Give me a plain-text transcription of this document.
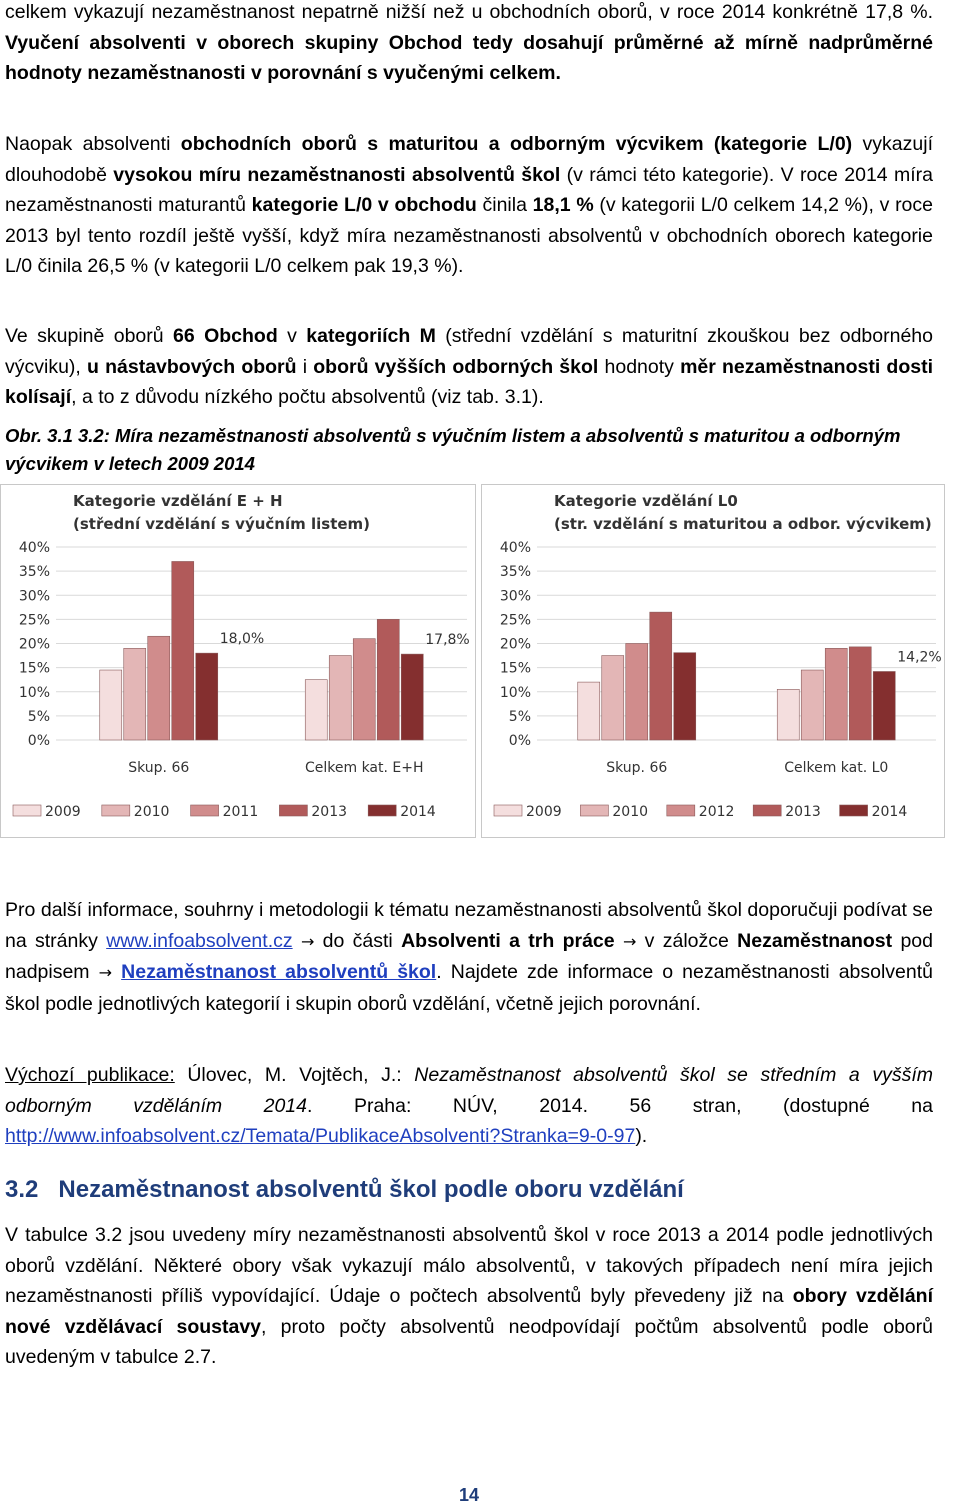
celkem vykazují nezaměstnanost nepatrně nižší než u obchodních oborů, v roce 2014 konkrétně 17,8 %. Vyučení absolventi v oborech skupiny Obchod tedy dosahují průměrné až mírně nadprůměrné hodnoty nezaměstnanosti v porovnání s vyučenými celkem.

Naopak absolventi obchodních oborů s maturitou a odborným výcvikem (kategorie L/0) vykazují dlouhodobě vysokou míru nezaměstnanosti absolventů škol (v rámci této kategorie). V roce 2014 míra nezaměstnanosti maturantů kategorie L/0 v obchodu činila 18,1 % (v kategorii L/0 celkem 14,2 %), v roce 2013 byl tento rozdíl ještě vyšší, když míra nezaměstnanosti absolventů v obchodních oborech kategorie L/0 činila 26,5 % (v kategorii L/0 celkem pak 19,3 %).

Ve skupině oborů 66 Obchod v kategoriích M (střední vzdělání s maturitní zkouškou bez odborného výcviku), u nástavbových oborů i oborů vyšších odborných škol hodnoty měr nezaměstnanosti dosti kolísají, a to z důvodu nízkého počtu absolventů (viz tab. 3.1).

Obr. 3.1 3.2: Míra nezaměstnanosti absolventů s výučním listem a absolventů s maturitou a odborným výcvikem v letech 2009 2014

Kategorie vzdělání E + H
(střední vzdělání s výučním listem)
40%
35%
30%
25%
20%
15%
10%
5%
0%
Skup. 66	Celkem kat. E+H
18,0%	17,8%
2009	2010	2011	2013	2014
Kategorie vzdělání L0
(str. vzdělání s maturitou a odbor. výcvikem)
40%
35%
30%
25%
20%
15%
10%
5%
0%
Skup. 66	Celkem kat. L0
14,2%
2009	2010	2012	2013	2014

Pro další informace, souhrny i metodologii k tématu nezaměstnanosti absolventů škol doporučuji podívat se na stránky www.infoabsolvent.cz → do části Absolventi a trh práce → v záložce Nezaměstnanost pod nadpisem → Nezaměstnanost absolventů škol. Najdete zde informace o nezaměstnanosti absolventů škol podle jednotlivých kategorií i skupin oborů vzdělání, včetně jejich porovnání.

Výchozí publikace: Úlovec, M. Vojtěch, J.: Nezaměstnanost absolventů škol se středním a vyšším odborným vzděláním 2014. Praha: NÚV, 2014. 56 stran, (dostupné na http://www.infoabsolvent.cz/Temata/PublikaceAbsolventi?Stranka=9-0-97).

3.2 Nezaměstnanost absolventů škol podle oboru vzdělání

V tabulce 3.2 jsou uvedeny míry nezaměstnanosti absolventů škol v roce 2013 a 2014 podle jednotlivých oborů vzdělání. Některé obory však vykazují málo absolventů, v takových případech není míra jejich nezaměstnanosti příliš vypovídající. Údaje o počtech absolventů byly převedeny již na obory vzdělání nové vzdělávací soustavy, proto počty absolventů neodpovídají počtům absolventů podle oborů uvedeným v tabulce 2.7.

14
